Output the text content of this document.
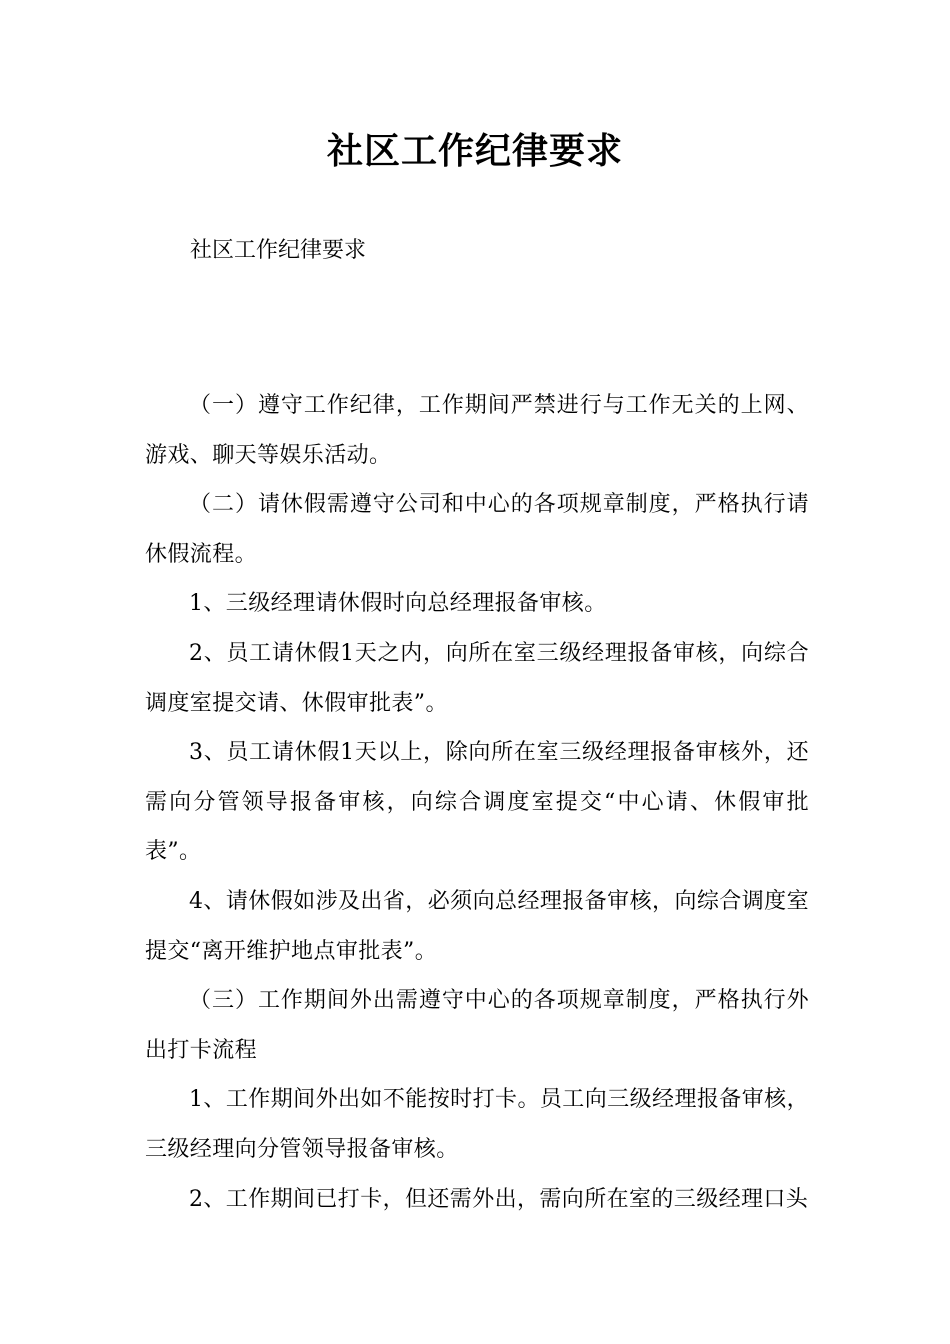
社区工作纪律要求
社区工作纪律要求

（一）遵守工作纪律，工作期间严禁进行与工作无关的上网、游戏、聊天等娱乐活动。

（二）请休假需遵守公司和中心的各项规章制度，严格执行请休假流程。

1、三级经理请休假时向总经理报备审核。

2、员工请休假1天之内，向所在室三级经理报备审核，向综合调度室提交请、休假审批表”。

3、员工请休假1天以上，除向所在室三级经理报备审核外，还需向分管领导报备审核，向综合调度室提交“中心请、休假审批表”。

4、请休假如涉及出省，必须向总经理报备审核，向综合调度室提交“离开维护地点审批表”。

（三）工作期间外出需遵守中心的各项规章制度，严格执行外出打卡流程

1、工作期间外出如不能按时打卡。员工向三级经理报备审核，三级经理向分管领导报备审核。

2、工作期间已打卡，但还需外出，需向所在室的三级经理口头
